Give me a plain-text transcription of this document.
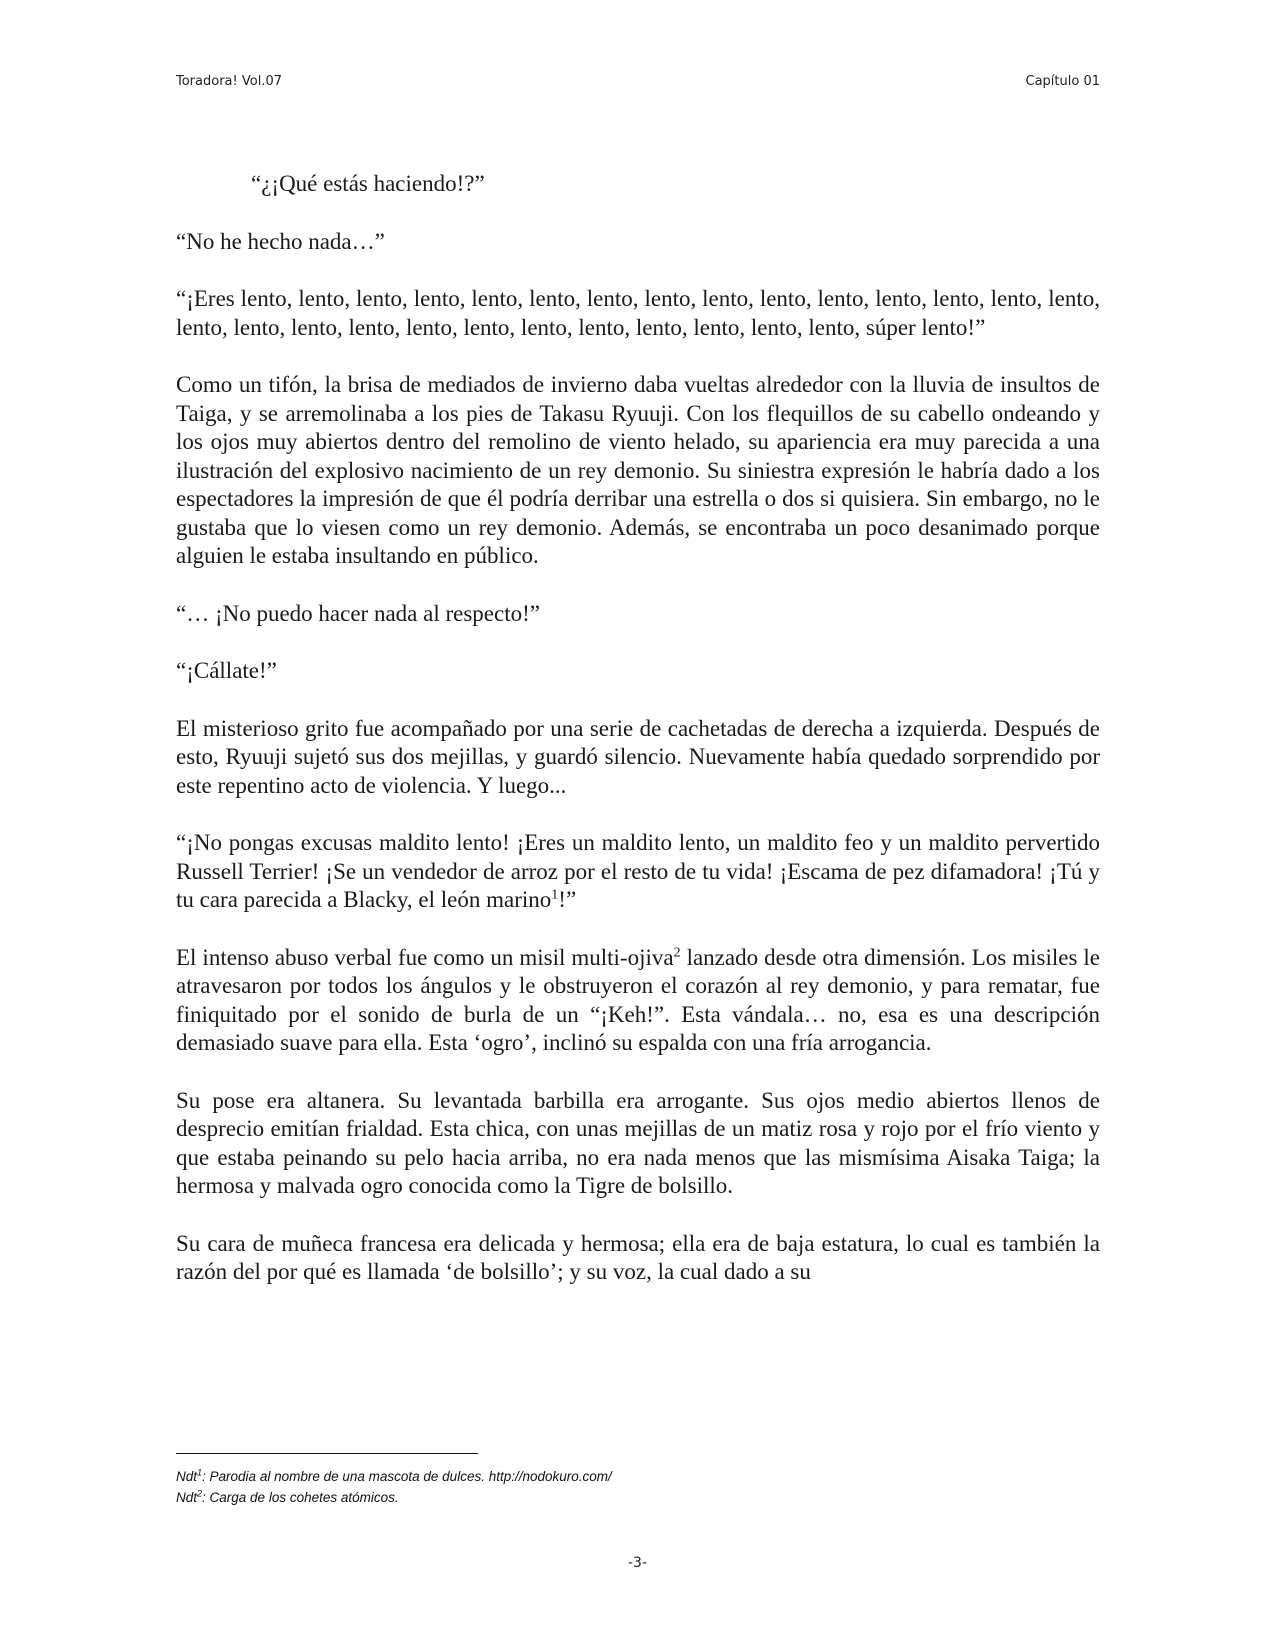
Toradora! Vol.07	Capítulo 01

“¿¡Qué estás haciendo!?”

“No he hecho nada…”

“¡Eres lento, lento, lento, lento, lento, lento, lento, lento, lento, lento, lento, lento, lento, lento, lento, lento, lento, lento, lento, lento, lento, lento, lento, lento, lento, lento, lento, súper lento!”

Como un tifón, la brisa de mediados de invierno daba vueltas alrededor con la lluvia de insultos de Taiga, y se arremolinaba a los pies de Takasu Ryuuji. Con los flequillos de su cabello ondeando y los ojos muy abiertos dentro del remolino de viento helado, su apariencia era muy parecida a una ilustración del explosivo nacimiento de un rey demonio. Su siniestra expresión le habría dado a los espectadores la impresión de que él podría derribar una estrella o dos si quisiera. Sin embargo, no le gustaba que lo viesen como un rey demonio. Además, se encontraba un poco desanimado porque alguien le estaba insultando en público.

“… ¡No puedo hacer nada al respecto!”

“¡Cállate!”

El misterioso grito fue acompañado por una serie de cachetadas de derecha a izquierda. Después de esto, Ryuuji sujetó sus dos mejillas, y guardó silencio. Nuevamente había quedado sorprendido por este repentino acto de violencia. Y luego...

“¡No pongas excusas maldito lento! ¡Eres un maldito lento, un maldito feo y un maldito pervertido Russell Terrier! ¡Se un vendedor de arroz por el resto de tu vida! ¡Escama de pez difamadora! ¡Tú y tu cara parecida a Blacky, el león marino$^1$!”

El intenso abuso verbal fue como un misil multi-ojiva$^2$ lanzado desde otra dimensión. Los misiles le atravesaron por todos los ángulos y le obstruyeron el corazón al rey demonio, y para rematar, fue finiquitado por el sonido de burla de un “¡Keh!”. Esta vándala… no, esa es una descripción demasiado suave para ella. Esta ‘ogro’, inclinó su espalda con una fría arrogancia.

Su pose era altanera. Su levantada barbilla era arrogante. Sus ojos medio abiertos llenos de desprecio emitían frialdad. Esta chica, con unas mejillas de un matiz rosa y rojo por el frío viento y que estaba peinando su pelo hacia arriba, no era nada menos que las mismísima Aisaka Taiga; la hermosa y malvada ogro conocida como la Tigre de bolsillo.

Su cara de muñeca francesa era delicada y hermosa; ella era de baja estatura, lo cual es también la razón del por qué es llamada ‘de bolsillo’; y su voz, la cual dado a su

Ndt$^1$: Parodia al nombre de una mascota de dulces. http://nodokuro.com/
Ndt$^2$: Carga de los cohetes atómicos.
-3-
